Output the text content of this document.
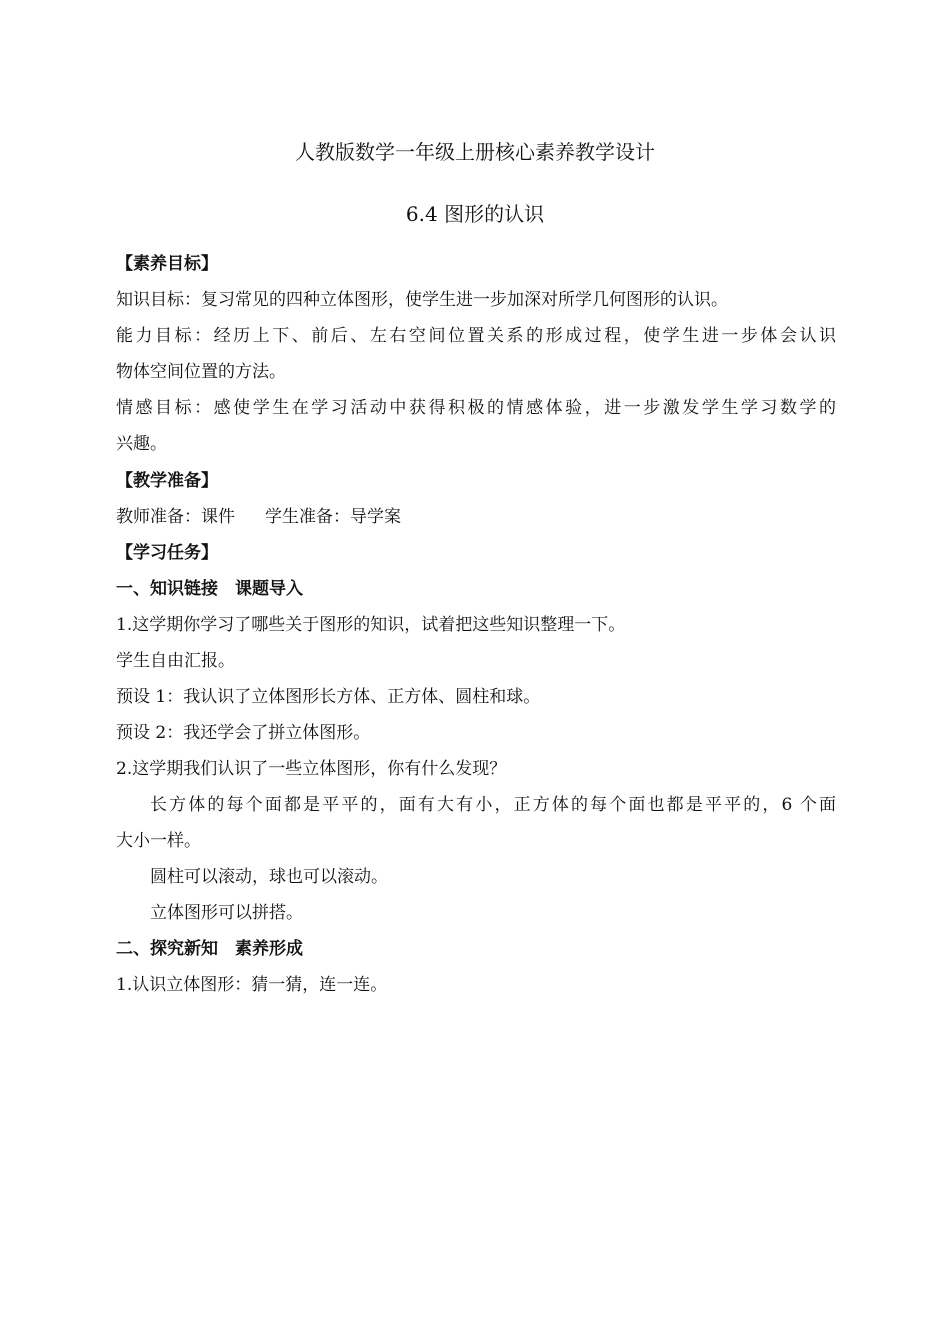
人教版数学一年级上册核心素养教学设计
6.4 图形的认识
【素养目标】
知识目标：复习常见的四种立体图形，使学生进一步加深对所学几何图形的认识。
能力目标：经历上下、前后、左右空间位置关系的形成过程，使学生进一步体会认识
物体空间位置的方法。
情感目标：感使学生在学习活动中获得积极的情感体验，进一步激发学生学习数学的
兴趣。
【教学准备】
教师准备：课件 学生准备：导学案
【学习任务】
一、知识链接　课题导入
1.这学期你学习了哪些关于图形的知识，试着把这些知识整理一下。
学生自由汇报。
预设 1：我认识了立体图形长方体、正方体、圆柱和球。
预设 2：我还学会了拼立体图形。
2.这学期我们认识了一些立体图形，你有什么发现？
长方体的每个面都是平平的，面有大有小，正方体的每个面也都是平平的，6 个面
大小一样。
圆柱可以滚动，球也可以滚动。
立体图形可以拼搭。
二、探究新知　素养形成
1.认识立体图形：猜一猜，连一连。
